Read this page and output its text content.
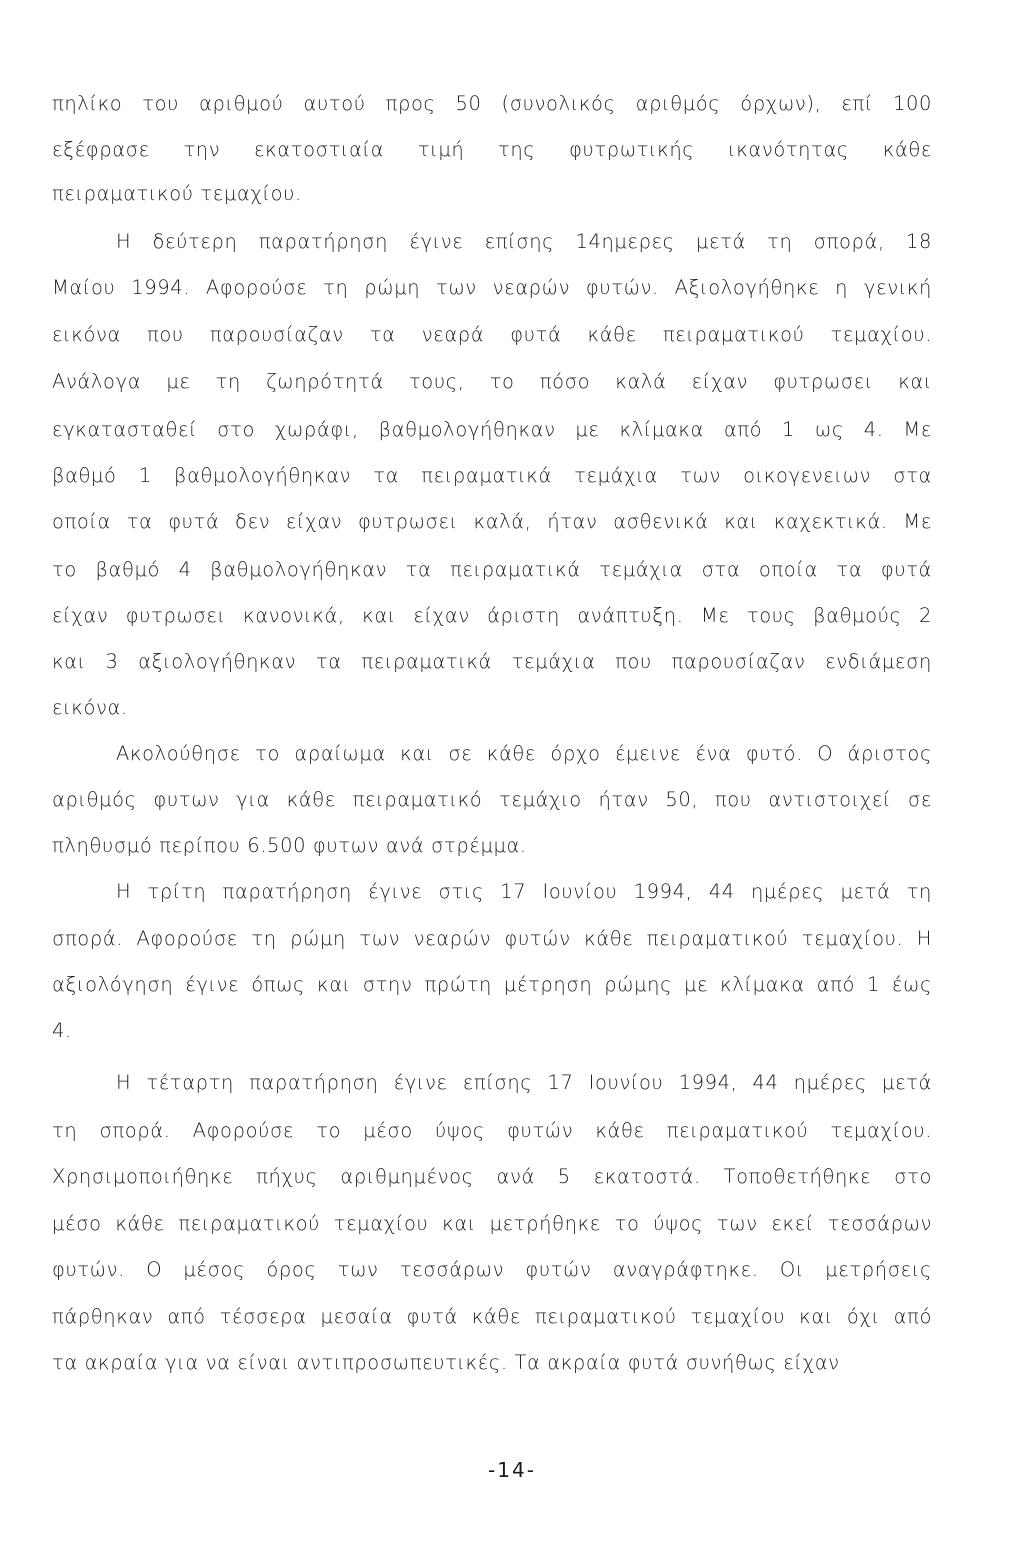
πηλίκο του αριθμού αυτού προς 50 (συνολικός αριθμός όρχων), επί 100
εξέφρασε την εκατοστιαία τιμή της φυτρωτικής ικανότητας κάθε
πειραματικού τεμαχίου.
Η δεύτερη παρατήρηση έγινε επίσης 14ημερες μετά τη σπορά, 18
Μαίου 1994. Αφορούσε τη ρώμη των νεαρών φυτών. Αξιολογήθηκε η γενική
εικόνα που παρουσίαζαν τα νεαρά φυτά κάθε πειραματικού τεμαχίου.
Ανάλογα με τη ζωηρότητά τους, το πόσο καλά είχαν φυτρωσει και
εγκατασταθεί στο χωράφι, βαθμολογήθηκαν με κλίμακα από 1 ως 4. Με
βαθμό 1 βαθμολογήθηκαν τα πειραματικά τεμάχια των οικογενειων στα
οποία τα φυτά δεν είχαν φυτρωσει καλά, ήταν ασθενικά και καχεκτικά. Με
το βαθμό 4 βαθμολογήθηκαν τα πειραματικά τεμάχια στα οποία τα φυτά
είχαν φυτρωσει κανονικά, και είχαν άριστη ανάπτυξη. Με τους βαθμούς 2
και 3 αξιολογήθηκαν τα πειραματικά τεμάχια που παρουσίαζαν ενδιάμεση
εικόνα.
Ακολούθησε το αραίωμα και σε κάθε όρχο έμεινε ένα φυτό. Ο άριστος
αριθμός φυτων για κάθε πειραματικό τεμάχιο ήταν 50, που αντιστοιχεί σε
πληθυσμό περίπου 6.500 φυτων ανά στρέμμα.
Η τρίτη παρατήρηση έγινε στις 17 Ιουνίου 1994, 44 ημέρες μετά τη
σπορά. Αφορούσε τη ρώμη των νεαρών φυτών κάθε πειραματικού τεμαχίου. Η
αξιολόγηση έγινε όπως και στην πρώτη μέτρηση ρώμης με κλίμακα από 1 έως
4.
Η τέταρτη παρατήρηση έγινε επίσης 17 Ιουνίου 1994, 44 ημέρες μετά
τη σπορά. Αφορούσε το μέσο ύψος φυτών κάθε πειραματικού τεμαχίου.
Χρησιμοποιήθηκε πήχυς αριθμημένος ανά 5 εκατοστά. Τοποθετήθηκε στο
μέσο κάθε πειραματικού τεμαχίου και μετρήθηκε το ύψος των εκεί τεσσάρων
φυτών. Ο μέσος όρος των τεσσάρων φυτών αναγράφτηκε. Οι μετρήσεις
πάρθηκαν από τέσσερα μεσαία φυτά κάθε πειραματικού τεμαχίου και όχι από
τα ακραία για να είναι αντιπροσωπευτικές. Τα ακραία φυτά συνήθως είχαν
-14-
